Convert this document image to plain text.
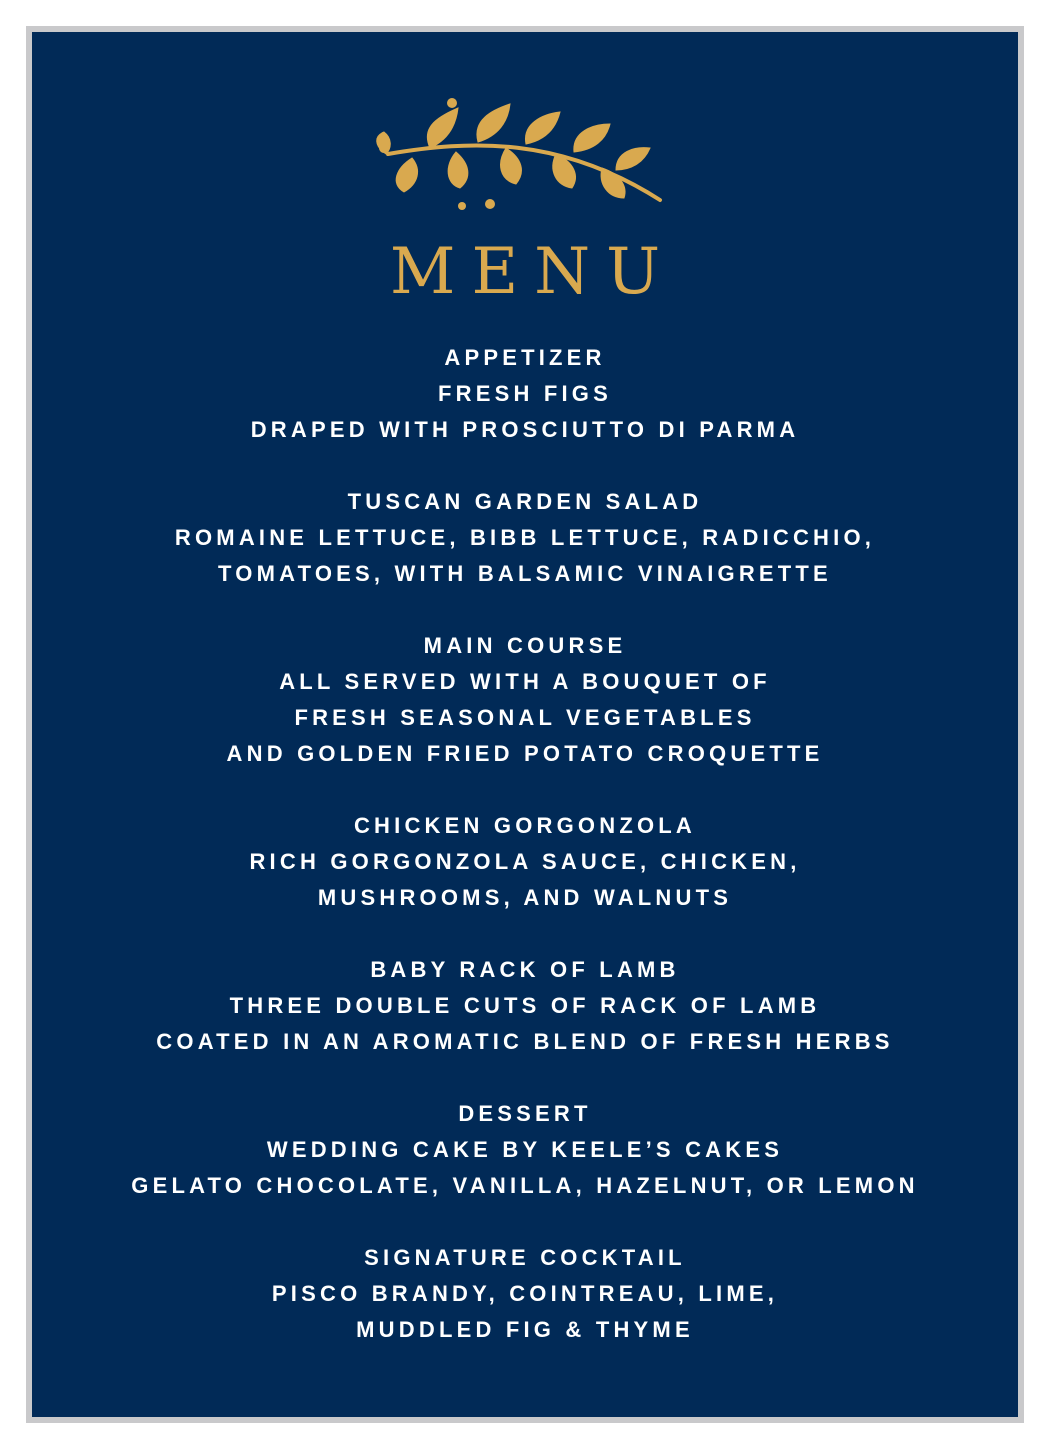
MENU
APPETIZER
FRESH FIGS
DRAPED WITH PROSCIUTTO DI PARMA
TUSCAN GARDEN SALAD
ROMAINE LETTUCE, BIBB LETTUCE, RADICCHIO,
TOMATOES, WITH BALSAMIC VINAIGRETTE
MAIN COURSE
ALL SERVED WITH A BOUQUET OF
FRESH SEASONAL VEGETABLES
AND GOLDEN FRIED POTATO CROQUETTE
CHICKEN GORGONZOLA
RICH GORGONZOLA SAUCE, CHICKEN,
MUSHROOMS, AND WALNUTS
BABY RACK OF LAMB
THREE DOUBLE CUTS OF RACK OF LAMB
COATED IN AN AROMATIC BLEND OF FRESH HERBS
DESSERT
WEDDING CAKE BY KEELE’S CAKES
GELATO CHOCOLATE, VANILLA, HAZELNUT, OR LEMON
SIGNATURE COCKTAIL
PISCO BRANDY, COINTREAU, LIME,
MUDDLED FIG & THYME
